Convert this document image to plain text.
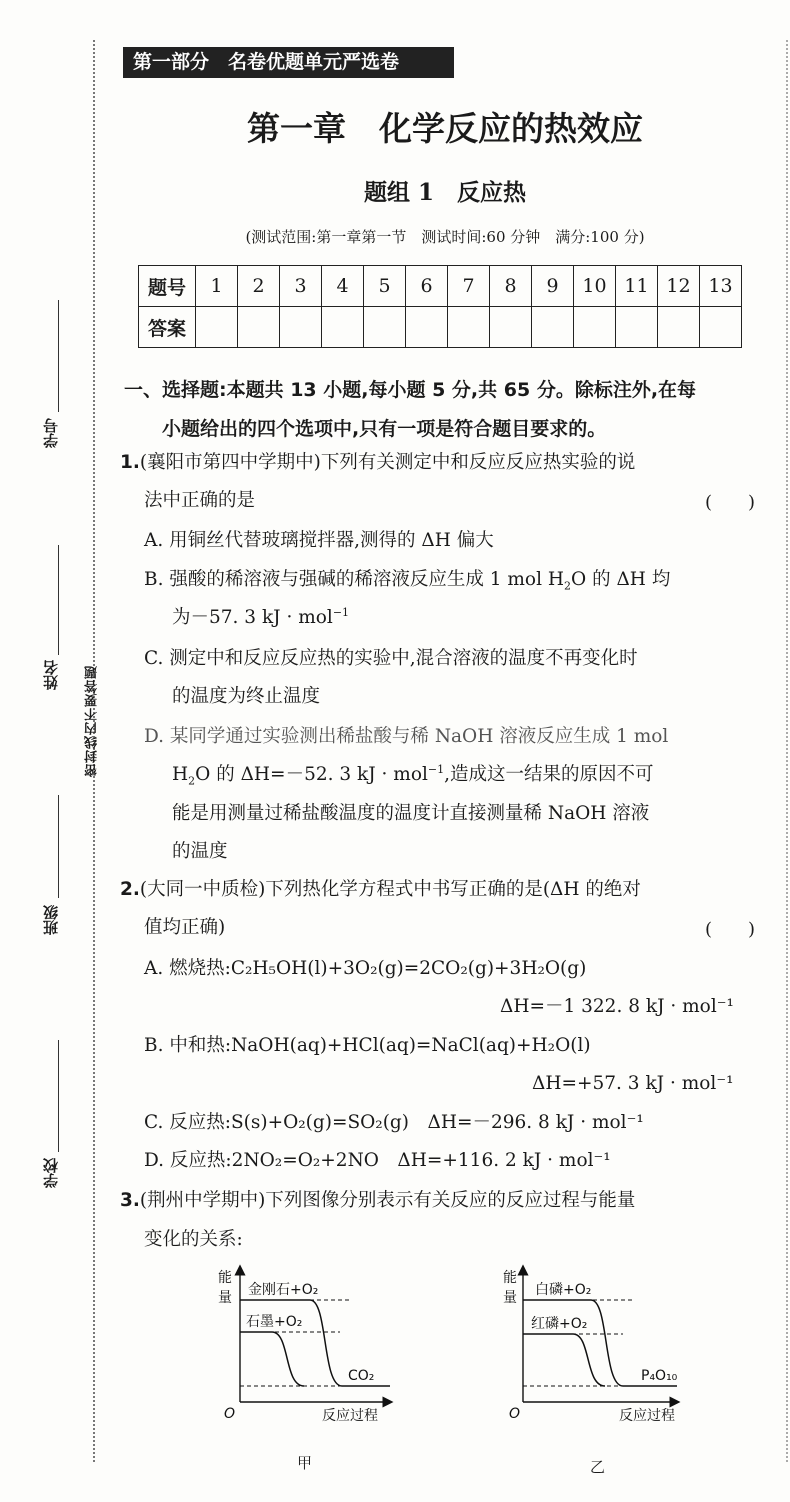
学号
姓名
班级
学校
密封线内不要答题
第一部分　名卷优题单元严选卷
第一章　化学反应的热效应
题组 1　反应热
(测试范围:第一章第一节　测试时间:60 分钟　满分:100 分)
题号	1	2	3	4	5	6	7	8	9	10	11	12	13
答案													
一、选择题:本题共 13 小题,每小题 5 分,共 65 分。除标注外,在每
小题给出的四个选项中,只有一项是符合题目要求的。
1.(襄阳市第四中学期中)下列有关测定中和反应反应热实验的说
法中正确的是	(　　)
A. 用铜丝代替玻璃搅拌器,测得的 ΔH 偏大
B. 强酸的稀溶液与强碱的稀溶液反应生成 1 mol $H_2O$ 的 ΔH 均
为－57. 3 kJ · mol$^{-1}$
C. 测定中和反应反应热的实验中,混合溶液的温度不再变化时
的温度为终止温度
D. 某同学通过实验测出稀盐酸与稀 NaOH 溶液反应生成 1 mol
$H_2O$ 的 ΔH=－52. 3 kJ · mol$^{-1}$,造成这一结果的原因不可
能是用测量过稀盐酸温度的温度计直接测量稀 NaOH 溶液
的温度
2.(大同一中质检)下列热化学方程式中书写正确的是(ΔH 的绝对
值均正确)	(　　)
A. 燃烧热:C₂H₅OH(l)+3O₂(g)=2CO₂(g)+3H₂O(g)
ΔH=－1 322. 8 kJ · mol⁻¹
B. 中和热:NaOH(aq)+HCl(aq)=NaCl(aq)+H₂O(l)
ΔH=+57. 3 kJ · mol⁻¹
C. 反应热:S(s)+O₂(g)=SO₂(g)　ΔH=－296. 8 kJ · mol⁻¹
D. 反应热:2NO₂=O₂+2NO　ΔH=+116. 2 kJ · mol⁻¹
3.(荆州中学期中)下列图像分别表示有关反应的反应过程与能量
变化的关系:
能
量
O	反应过程
金刚石+O₂
石墨+O₂
CO₂
甲
能
量
O	反应过程
白磷+O₂
红磷+O₂
P₄O₁₀
乙
